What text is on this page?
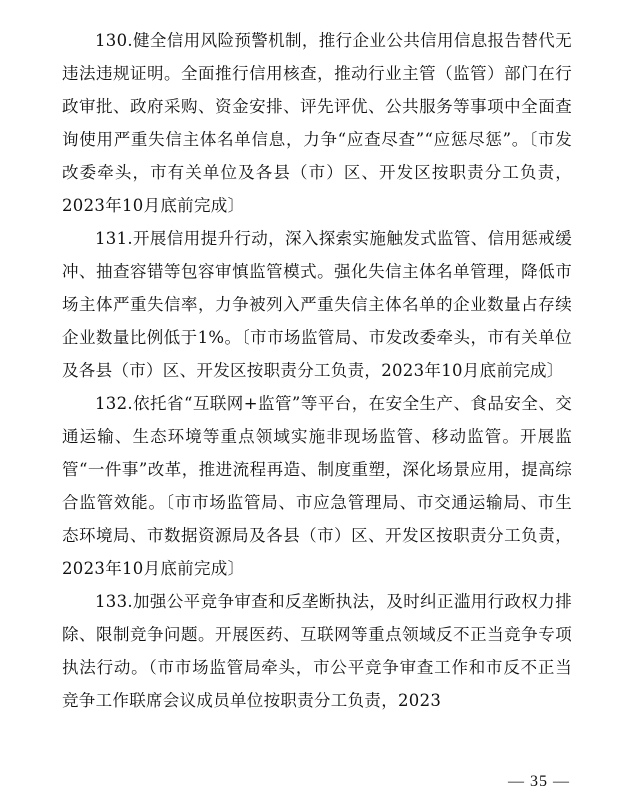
130.健全信用风险预警机制，推行企业公共信用信息报告替代无违法违规证明。全面推行信用核查，推动行业主管（监管）部门在行政审批、政府采购、资金安排、评先评优、公共服务等事项中全面查询使用严重失信主体名单信息，力争“应查尽查”“应惩尽惩”。〔市发改委牵头，市有关单位及各县（市）区、开发区按职责分工负责，2023年10月底前完成〕

131.开展信用提升行动，深入探索实施触发式监管、信用惩戒缓冲、抽查容错等包容审慎监管模式。强化失信主体名单管理，降低市场主体严重失信率，力争被列入严重失信主体名单的企业数量占存续企业数量比例低于1%。〔市市场监管局、市发改委牵头，市有关单位及各县（市）区、开发区按职责分工负责，2023年10月底前完成〕

132.依托省“互联网+监管”等平台，在安全生产、食品安全、交通运输、生态环境等重点领域实施非现场监管、移动监管。开展监管“一件事”改革，推进流程再造、制度重塑，深化场景应用，提高综合监管效能。〔市市场监管局、市应急管理局、市交通运输局、市生态环境局、市数据资源局及各县（市）区、开发区按职责分工负责，2023年10月底前完成〕

133.加强公平竞争审查和反垄断执法，及时纠正滥用行政权力排除、限制竞争问题。开展医药、互联网等重点领域反不正当竞争专项执法行动。（市市场监管局牵头，市公平竞争审查工作和市反不正当竞争工作联席会议成员单位按职责分工负责，2023

— 35 —
